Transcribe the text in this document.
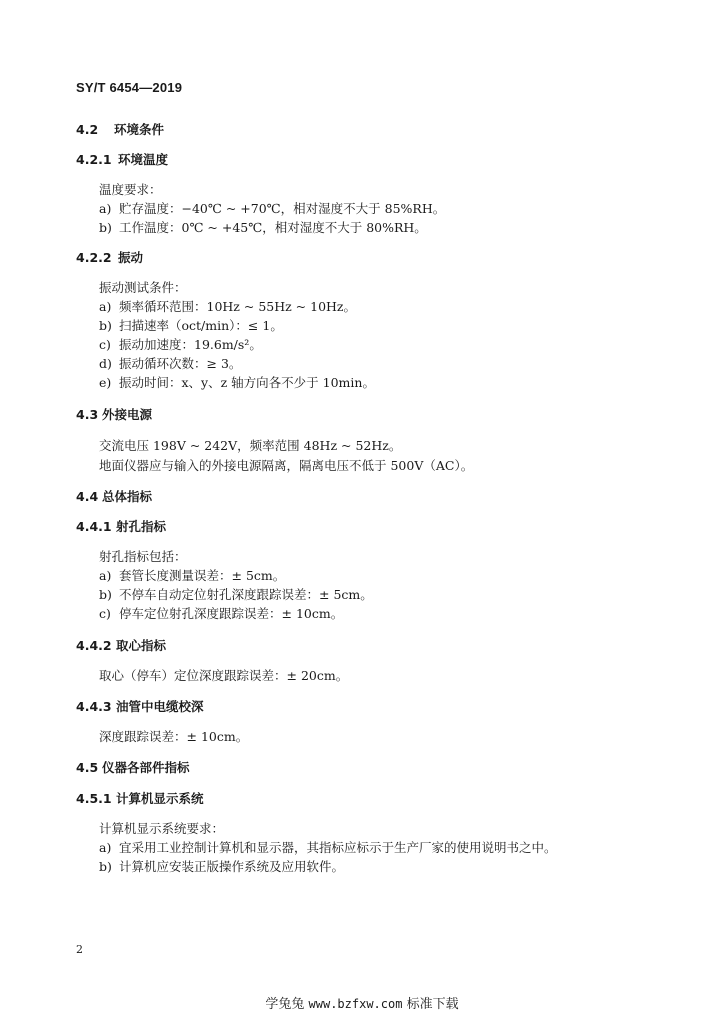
SY/T 6454—2019
4.2 环境条件
4.2.1 环境温度
温度要求：
a) 贮存温度：−40℃ ~ +70℃，相对湿度不大于 85%RH。
b) 工作温度：0℃ ~ +45℃，相对湿度不大于 80%RH。
4.2.2 振动
振动测试条件：
a) 频率循环范围：10Hz ~ 55Hz ~ 10Hz。
b) 扫描速率（oct/min）：≤ 1。
c) 振动加速度：19.6m/s²。
d) 振动循环次数：≥ 3。
e) 振动时间：x、y、z 轴方向各不少于 10min。
4.3 外接电源
交流电压 198V ~ 242V，频率范围 48Hz ~ 52Hz。
地面仪器应与输入的外接电源隔离，隔离电压不低于 500V（AC）。
4.4 总体指标
4.4.1 射孔指标
射孔指标包括：
a) 套管长度测量误差：± 5cm。
b) 不停车自动定位射孔深度跟踪误差：± 5cm。
c) 停车定位射孔深度跟踪误差：± 10cm。
4.4.2 取心指标
取心（停车）定位深度跟踪误差：± 20cm。
4.4.3 油管中电缆校深
深度跟踪误差：± 10cm。
4.5 仪器各部件指标
4.5.1 计算机显示系统
计算机显示系统要求：
a) 宜采用工业控制计算机和显示器，其指标应标示于生产厂家的使用说明书之中。
b) 计算机应安装正版操作系统及应用软件。
2
学兔兔 www.bzfxw.com 标准下载
